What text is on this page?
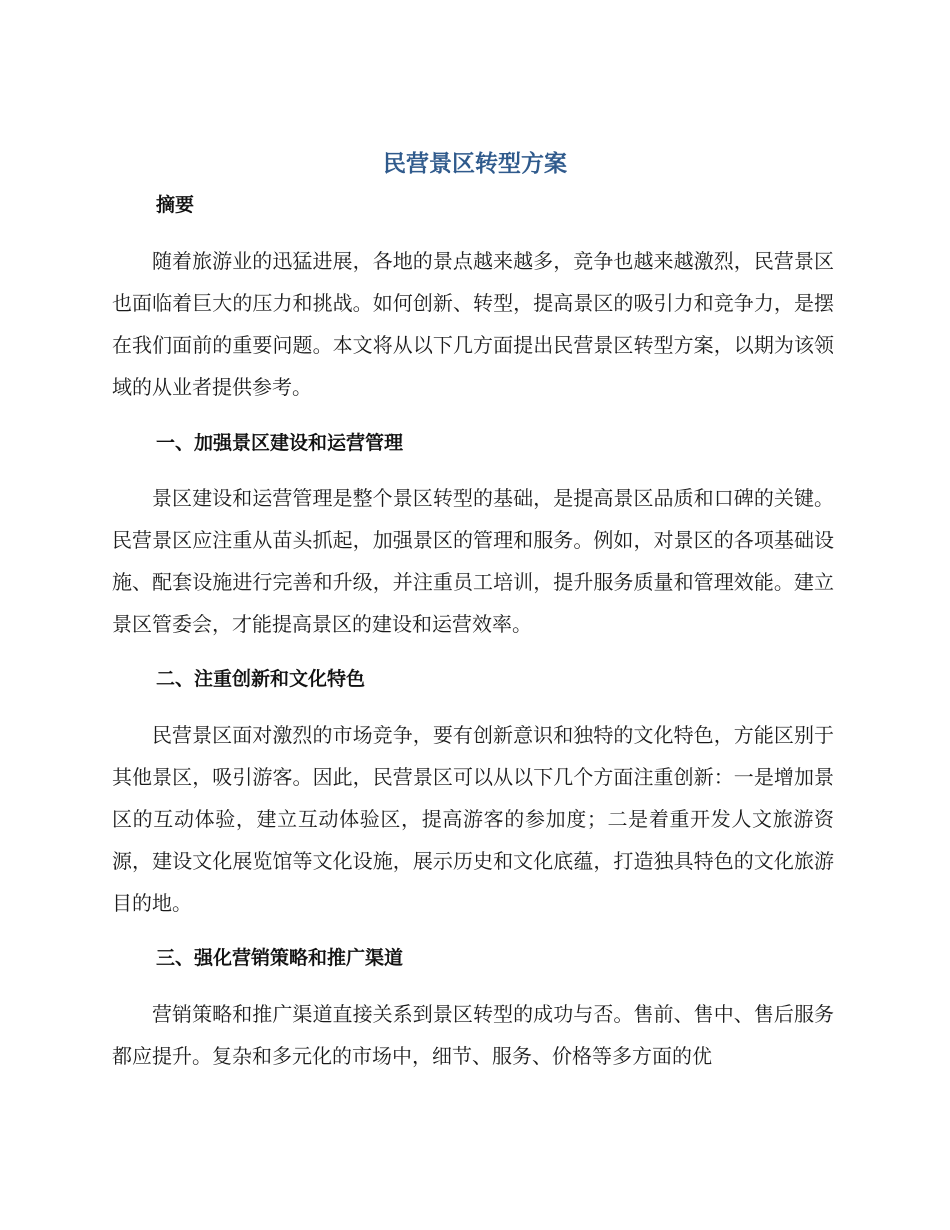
民营景区转型方案
摘要

随着旅游业的迅猛进展，各地的景点越来越多，竞争也越来越激烈，民营景区也面临着巨大的压力和挑战。如何创新、转型，提高景区的吸引力和竞争力，是摆在我们面前的重要问题。本文将从以下几方面提出民营景区转型方案，以期为该领域的从业者提供参考。

一、加强景区建设和运营管理

景区建设和运营管理是整个景区转型的基础，是提高景区品质和口碑的关键。民营景区应注重从苗头抓起，加强景区的管理和服务。例如，对景区的各项基础设施、配套设施进行完善和升级，并注重员工培训，提升服务质量和管理效能。建立景区管委会，才能提高景区的建设和运营效率。

二、注重创新和文化特色

民营景区面对激烈的市场竞争，要有创新意识和独特的文化特色，方能区别于其他景区，吸引游客。因此，民营景区可以从以下几个方面注重创新：一是增加景区的互动体验，建立互动体验区，提高游客的参加度；二是着重开发人文旅游资源，建设文化展览馆等文化设施，展示历史和文化底蕴，打造独具特色的文化旅游目的地。

三、强化营销策略和推广渠道

营销策略和推广渠道直接关系到景区转型的成功与否。售前、售中、售后服务都应提升。复杂和多元化的市场中，细节、服务、价格等多方面的优
